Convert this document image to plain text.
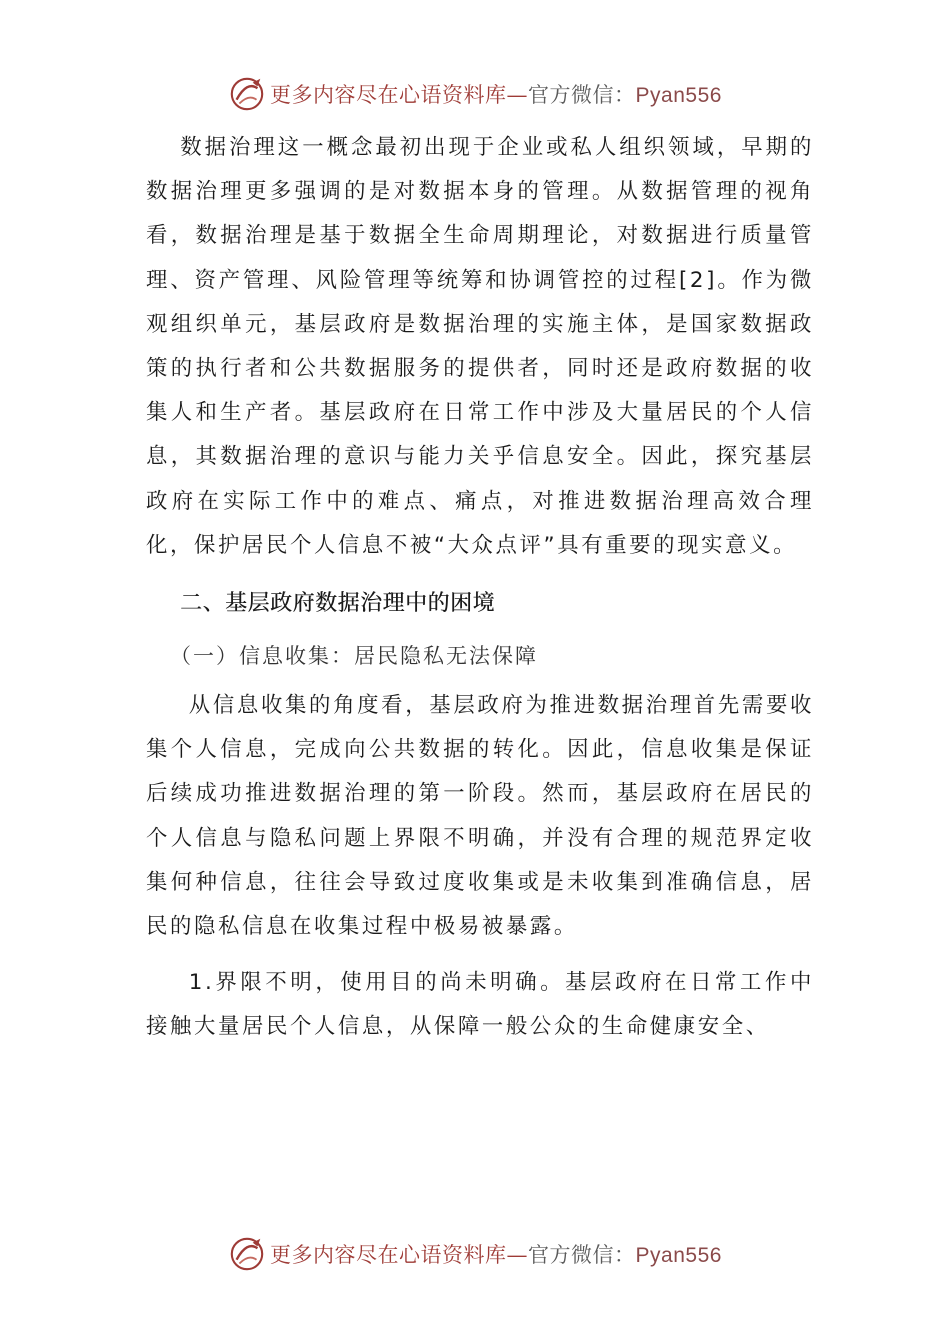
更多内容尽在心语资料库—官方微信：Pyan556

数据治理这一概念最初出现于企业或私人组织领域，早期的数据治理更多强调的是对数据本身的管理。从数据管理的视角看，数据治理是基于数据全生命周期理论，对数据进行质量管理、资产管理、风险管理等统筹和协调管控的过程[2]。作为微观组织单元，基层政府是数据治理的实施主体，是国家数据政策的执行者和公共数据服务的提供者，同时还是政府数据的收集人和生产者。基层政府在日常工作中涉及大量居民的个人信息，其数据治理的意识与能力关乎信息安全。因此，探究基层政府在实际工作中的难点、痛点，对推进数据治理高效合理化，保护居民个人信息不被“大众点评”具有重要的现实意义。

二、基层政府数据治理中的困境
（一）信息收集：居民隐私无法保障

从信息收集的角度看，基层政府为推进数据治理首先需要收集个人信息，完成向公共数据的转化。因此，信息收集是保证后续成功推进数据治理的第一阶段。然而，基层政府在居民的个人信息与隐私问题上界限不明确，并没有合理的规范界定收集何种信息，往往会导致过度收集或是未收集到准确信息，居民的隐私信息在收集过程中极易被暴露。

1.界限不明，使用目的尚未明确。基层政府在日常工作中接触大量居民个人信息，从保障一般公众的生命健康安全、

更多内容尽在心语资料库—官方微信：Pyan556
